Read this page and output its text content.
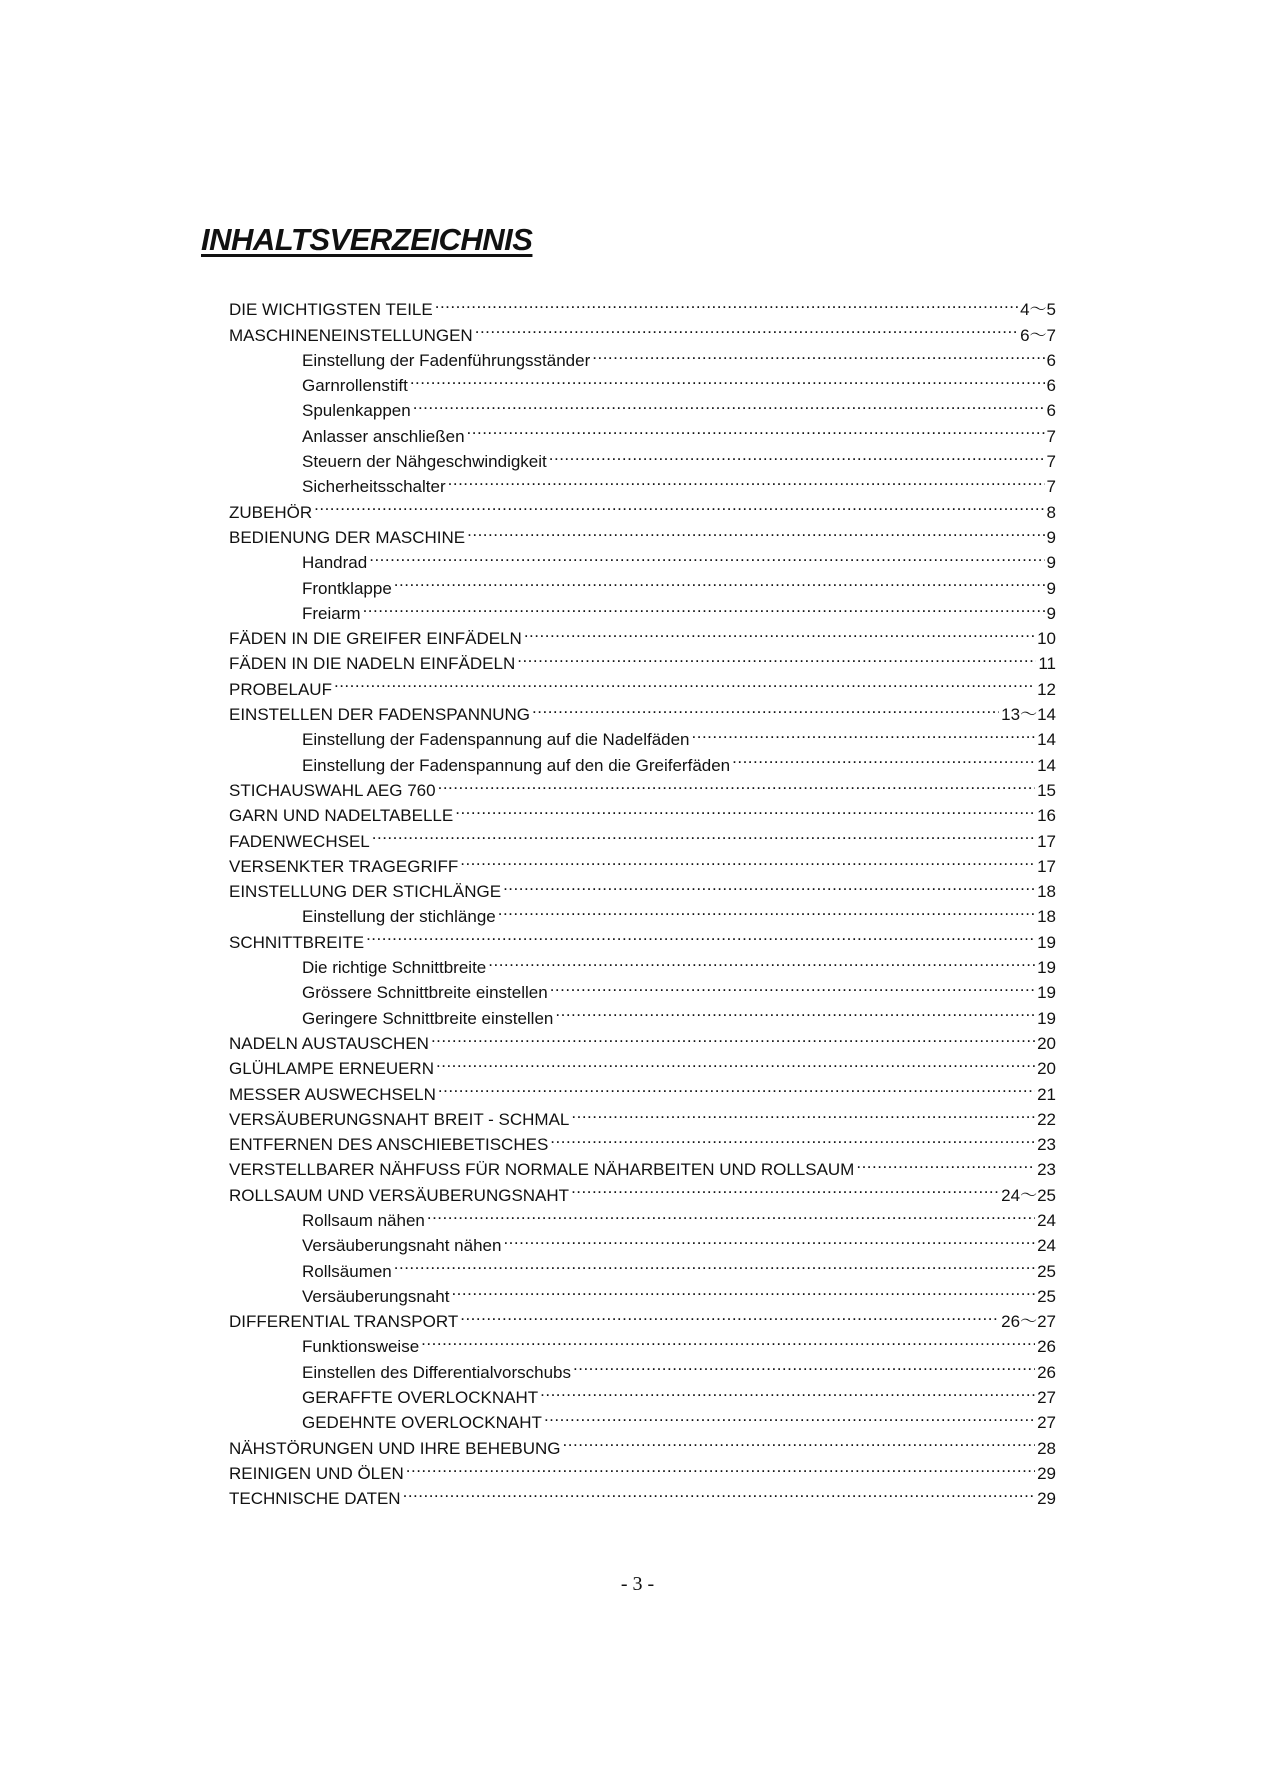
INHALTSVERZEICHNIS
DIE WICHTIGSTEN TEILE .....	4～5
MASCHINENEINSTELLUNGEN .....	6～7
Einstellung der Fadenführungsständer .....	6
Garnrollenstift .....	6
Spulenkappen .....	6
Anlasser anschließen .....	7
Steuern der Nähgeschwindigkeit .....	7
Sicherheitsschalter .....	7
ZUBEHÖR .....	8
BEDIENUNG DER MASCHINE .....	9
Handrad .....	9
Frontklappe .....	9
Freiarm .....	9
FÄDEN IN DIE GREIFER EINFÄDELN .....	10
FÄDEN IN DIE NADELN EINFÄDELN .....	11
PROBELAUF .....	12
EINSTELLEN DER FADENSPANNUNG .....	13～14
Einstellung der Fadenspannung auf die Nadelfäden .....	14
Einstellung der Fadenspannung auf den die Greiferfäden .....	14
STICHAUSWAHL AEG 760 .....	15
GARN UND NADELTABELLE .....	16
FADENWECHSEL .....	17
VERSENKTER TRAGEGRIFF .....	17
EINSTELLUNG DER STICHLÄNGE .....	18
Einstellung der stichlänge .....	18
SCHNITTBREITE .....	19
Die richtige Schnittbreite .....	19
Grössere Schnittbreite einstellen .....	19
Geringere Schnittbreite einstellen .....	19
NADELN AUSTAUSCHEN .....	20
GLÜHLAMPE ERNEUERN .....	20
MESSER AUSWECHSELN .....	21
VERSÄUBERUNGSNAHT BREIT - SCHMAL .....	22
ENTFERNEN DES ANSCHIEBETISCHES .....	23
VERSTELLBARER NÄHFUSS FÜR NORMALE NÄHARBEITEN UND ROLLSAUM .....	23
ROLLSAUM UND VERSÄUBERUNGSNAHT .....	24～25
Rollsaum nähen .....	24
Versäuberungsnaht nähen .....	24
Rollsäumen .....	25
Versäuberungsnaht .....	25
DIFFERENTIAL TRANSPORT .....	26～27
Funktionsweise .....	26
Einstellen des Differentialvorschubs .....	26
GERAFFTE OVERLOCKNAHT .....	27
GEDEHNTE OVERLOCKNAHT .....	27
NÄHSTÖRUNGEN UND IHRE BEHEBUNG .....	28
REINIGEN UND ÖLEN .....	29
TECHNISCHE DATEN .....	29
- 3 -
